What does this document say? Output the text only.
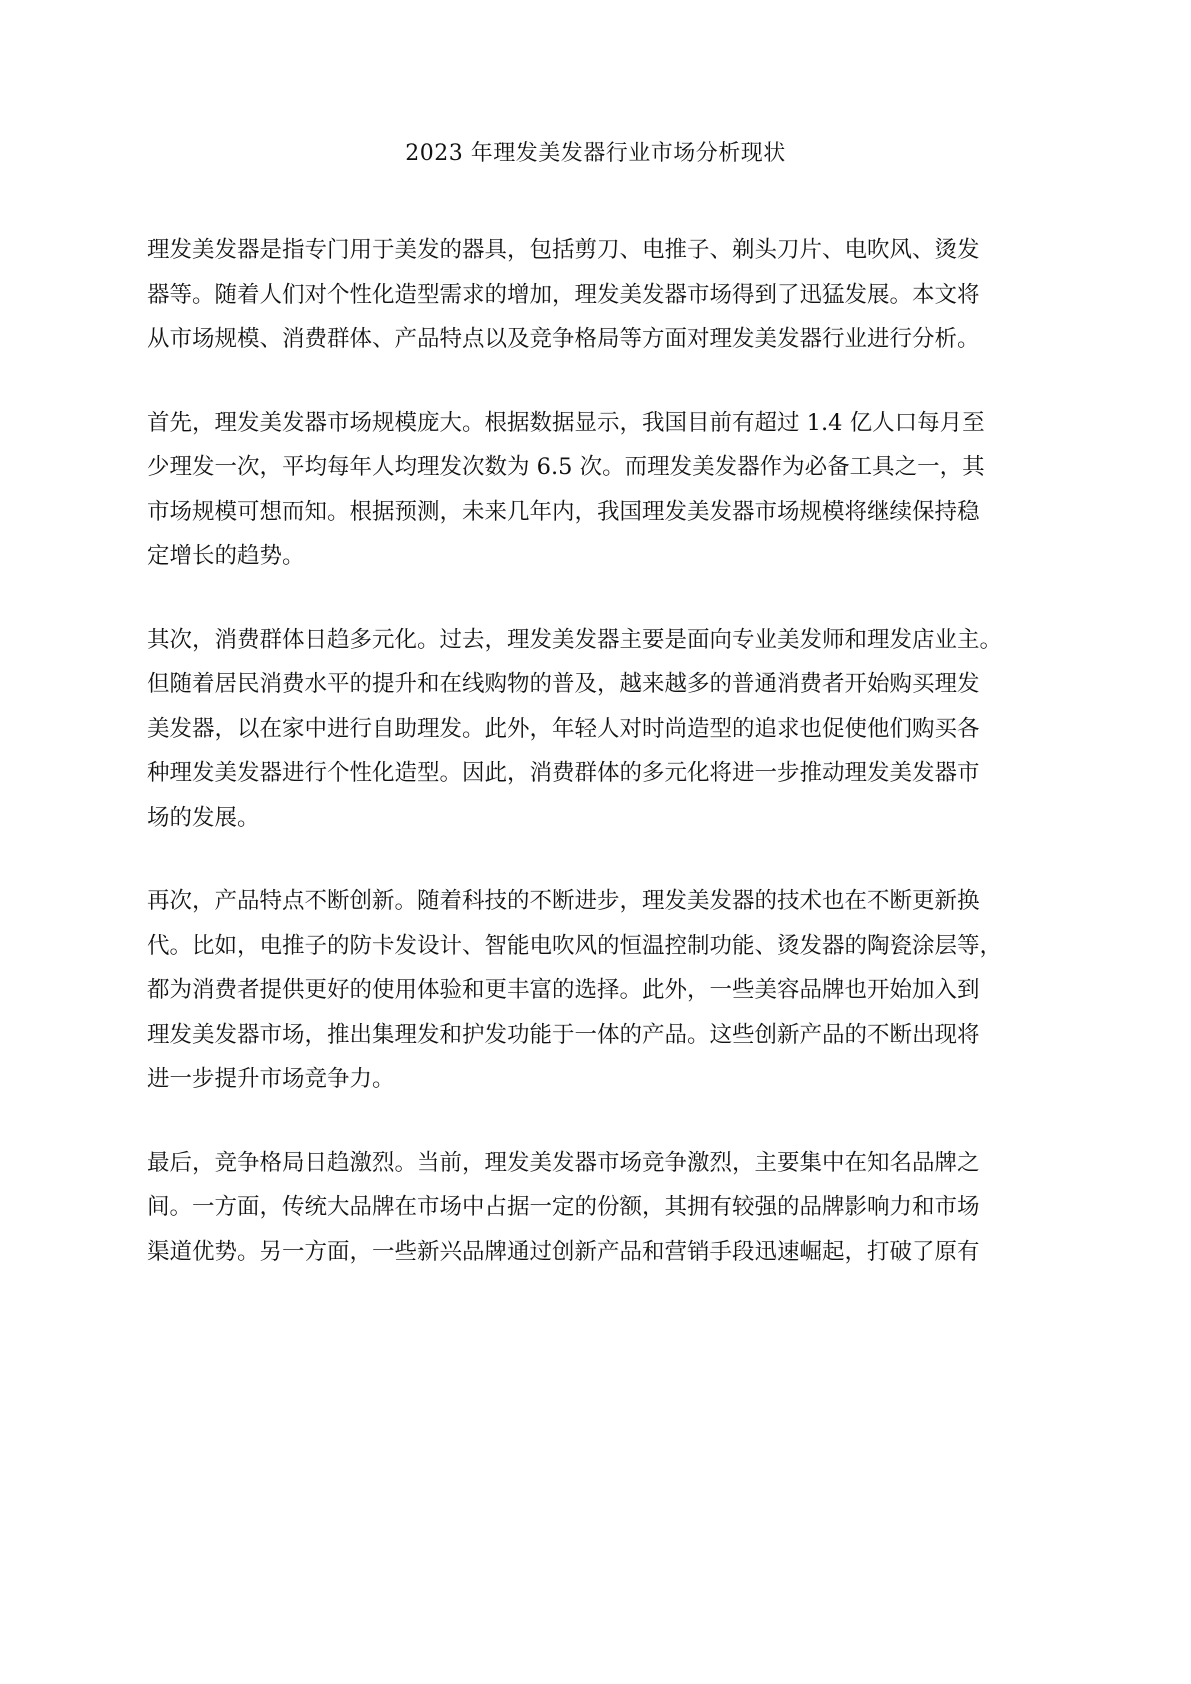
2023 年理发美发器行业市场分析现状
理发美发器是指专门用于美发的器具，包括剪刀、电推子、剃头刀片、电吹风、烫发
器等。随着人们对个性化造型需求的增加，理发美发器市场得到了迅猛发展。本文将
从市场规模、消费群体、产品特点以及竞争格局等方面对理发美发器行业进行分析。
首先，理发美发器市场规模庞大。根据数据显示，我国目前有超过 1.4 亿人口每月至
少理发一次，平均每年人均理发次数为 6.5 次。而理发美发器作为必备工具之一，其
市场规模可想而知。根据预测，未来几年内，我国理发美发器市场规模将继续保持稳
定增长的趋势。
其次，消费群体日趋多元化。过去，理发美发器主要是面向专业美发师和理发店业主。
但随着居民消费水平的提升和在线购物的普及，越来越多的普通消费者开始购买理发
美发器，以在家中进行自助理发。此外，年轻人对时尚造型的追求也促使他们购买各
种理发美发器进行个性化造型。因此，消费群体的多元化将进一步推动理发美发器市
场的发展。
再次，产品特点不断创新。随着科技的不断进步，理发美发器的技术也在不断更新换
代。比如，电推子的防卡发设计、智能电吹风的恒温控制功能、烫发器的陶瓷涂层等，
都为消费者提供更好的使用体验和更丰富的选择。此外，一些美容品牌也开始加入到
理发美发器市场，推出集理发和护发功能于一体的产品。这些创新产品的不断出现将
进一步提升市场竞争力。
最后，竞争格局日趋激烈。当前，理发美发器市场竞争激烈，主要集中在知名品牌之
间。一方面，传统大品牌在市场中占据一定的份额，其拥有较强的品牌影响力和市场
渠道优势。另一方面，一些新兴品牌通过创新产品和营销手段迅速崛起，打破了原有
